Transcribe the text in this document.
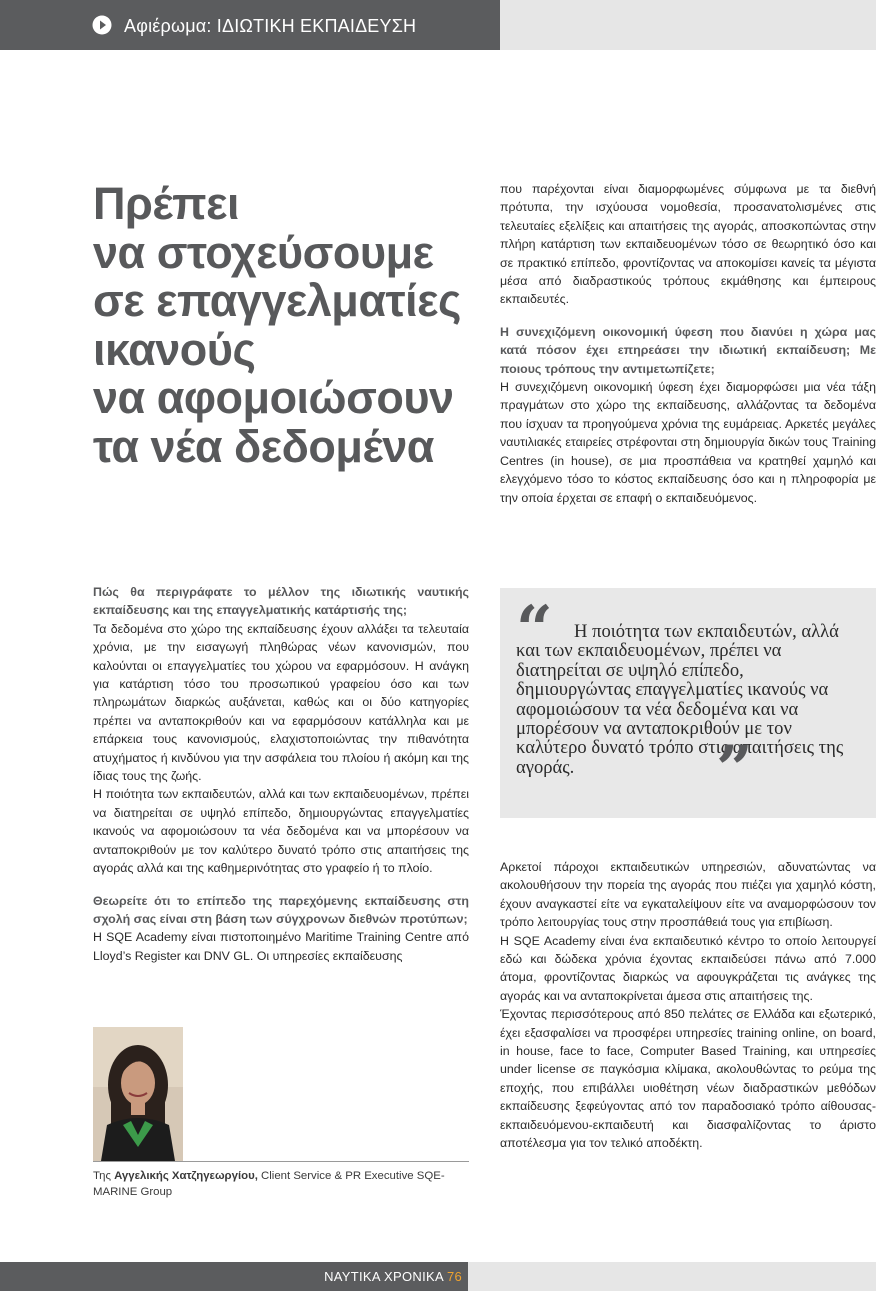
Αφιέρωμα: ΙΔΙΩΤΙΚΗ ΕΚΠΑΙΔΕΥΣΗ
Πρέπει
να στοχεύσουμε
σε επαγγελματίες
ικανούς
να αφομοιώσουν
τα νέα δεδομένα

που παρέχονται είναι διαμορφωμένες σύμφωνα με τα διεθνή πρότυπα, την ισχύουσα νομοθεσία, προσανατολισμένες στις τελευταίες εξελίξεις και απαιτήσεις της αγοράς, αποσκοπώντας στην πλήρη κατάρτιση των εκπαιδευομένων τόσο σε θεωρητικό όσο και σε πρακτικό επίπεδο, φροντίζοντας να αποκομίσει κανείς τα μέγιστα μέσα από διαδραστικούς τρόπους εκμάθησης και έμπειρους εκπαιδευτές.

Η συνεχιζόμενη οικονομική ύφεση που διανύει η χώρα μας κατά πόσον έχει επηρεάσει την ιδιωτική εκπαίδευση; Με ποιους τρόπους την αντιμετωπίζετε;
Η συνεχιζόμενη οικονομική ύφεση έχει διαμορφώσει μια νέα τάξη πραγμάτων στο χώρο της εκπαίδευσης, αλλάζοντας τα δεδομένα που ίσχυαν τα προηγούμενα χρόνια της ευμάρειας. Αρκετές μεγάλες ναυτιλιακές εταιρείες στρέφονται στη δημιουργία δικών τους Training Centres (in house), σε μια προσπάθεια να κρατηθεί χαμηλό και ελεγχόμενο τόσο το κόστος εκπαίδευσης όσο και η πληροφορία με την οποία έρχεται σε επαφή ο εκπαιδευόμενος.

Πώς θα περιγράφατε το μέλλον της ιδιωτικής ναυτικής εκπαίδευσης και της επαγγελματικής κατάρτισής της;
Τα δεδομένα στο χώρο της εκπαίδευσης έχουν αλλάξει τα τελευταία χρόνια, με την εισαγωγή πληθώρας νέων κανονισμών, που καλούνται οι επαγγελματίες του χώρου να εφαρμόσουν. Η ανάγκη για κατάρτιση τόσο του προσωπικού γραφείου όσο και των πληρωμάτων διαρκώς αυξάνεται, καθώς και οι δύο κατηγορίες πρέπει να ανταποκριθούν και να εφαρμόσουν κατάλληλα και με επάρκεια τους κανονισμούς, ελαχιστοποιώντας την πιθανότητα ατυχήματος ή κινδύνου για την ασφάλεια του πλοίου ή ακόμη και της ίδιας τους της ζωής.

Η ποιότητα των εκπαιδευτών, αλλά και των εκπαιδευομένων, πρέπει να διατηρείται σε υψηλό επίπεδο, δημιουργώντας επαγγελματίες ικανούς να αφομοιώσουν τα νέα δεδομένα και να μπορέσουν να ανταποκριθούν με τον καλύτερο δυνατό τρόπο στις απαιτήσεις της αγοράς αλλά και της καθημερινότητας στο γραφείο ή το πλοίο.

Θεωρείτε ότι το επίπεδο της παρεχόμενης εκπαίδευσης στη σχολή σας είναι στη βάση των σύγχρονων διεθνών προτύπων;
Η SQE Academy είναι πιστοποιημένο Maritime Training Centre από Lloyd’s Register και DNV GL. Οι υπηρεσίες εκπαίδευσης

“	Η ποιότητα των εκπαιδευτών, αλλά και των εκπαιδευομένων, πρέπει να διατηρείται σε υψηλό επίπεδο, δημιουργώντας επαγγελματίες ικανούς να αφομοιώσουν τα νέα δεδομένα και να μπορέσουν να ανταποκριθούν με τον καλύτερο δυνατό τρόπο στις απαιτήσεις της αγοράς.	”

Αρκετοί πάροχοι εκπαιδευτικών υπηρεσιών, αδυνατώντας να ακολουθήσουν την πορεία της αγοράς που πιέζει για χαμηλό κόστη, έχουν αναγκαστεί είτε να εγκαταλείψουν είτε να αναμορφώσουν τον τρόπο λειτουργίας τους στην προσπάθειά τους για επιβίωση.

Η SQE Academy είναι ένα εκπαιδευτικό κέντρο το οποίο λειτουργεί εδώ και δώδεκα χρόνια έχοντας εκπαιδεύσει πάνω από 7.000 άτομα, φροντίζοντας διαρκώς να αφουγκράζεται τις ανάγκες της αγοράς και να ανταποκρίνεται άμεσα στις απαιτήσεις της.

Έχοντας περισσότερους από 850 πελάτες σε Ελλάδα και εξωτερικό, έχει εξασφαλίσει να προσφέρει υπηρεσίες training online, on board, in house, face to face, Computer Based Training, και υπηρεσίες under license σε παγκόσμια κλίμακα, ακολουθώντας το ρεύμα της εποχής, που επιβάλλει υιοθέτηση νέων διαδραστικών μεθόδων εκπαίδευσης ξεφεύγοντας από τον παραδοσιακό τρόπο αίθουσας-εκπαιδευόμενου-εκπαιδευτή και διασφαλίζοντας το άριστο αποτέλεσμα για τον τελικό αποδέκτη.

Της Αγγελικής Χατζηγεωργίου, Client Service & PR Executive SQE-MARINE Group

ΝΑΥΤΙΚΑ ΧΡΟΝΙΚΑ 76
